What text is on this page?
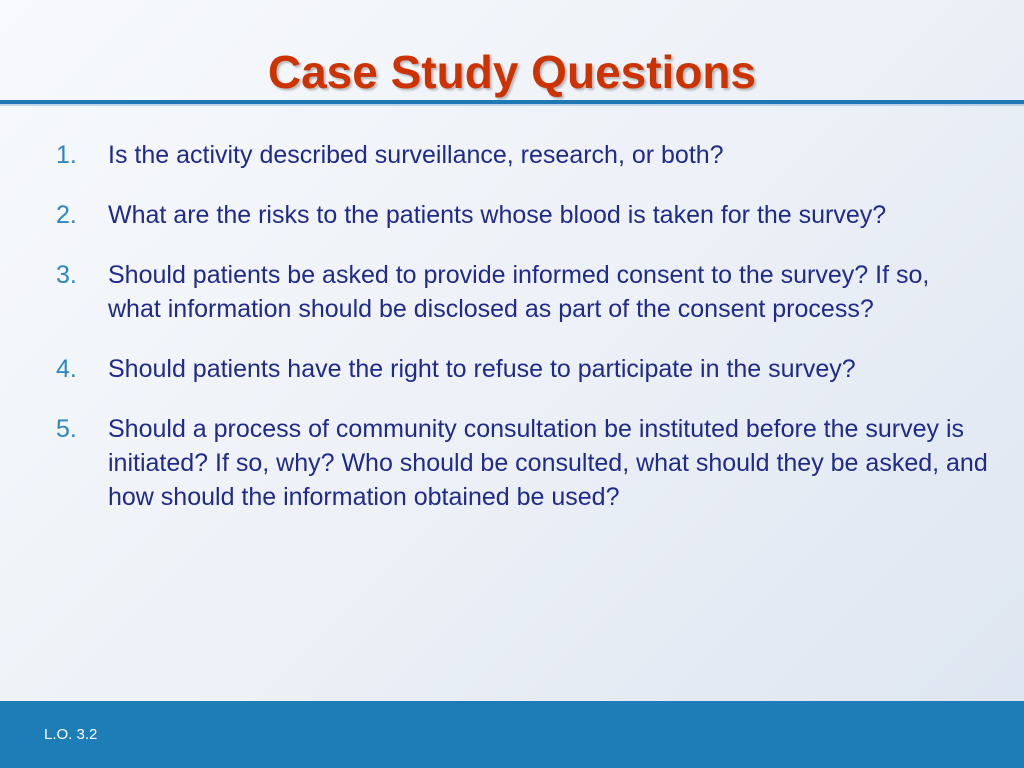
Case Study Questions
1. Is the activity described surveillance, research, or both?
2. What are the risks to the patients whose blood is taken for the survey?
3. Should patients be asked to provide informed consent to the survey? If so, what information should be disclosed as part of the consent process?
4. Should patients have the right to refuse to participate in the survey?
5. Should a process of community consultation be instituted before the survey is initiated? If so, why? Who should be consulted, what should they be asked, and how should the information obtained be used?
L.O. 3.2
